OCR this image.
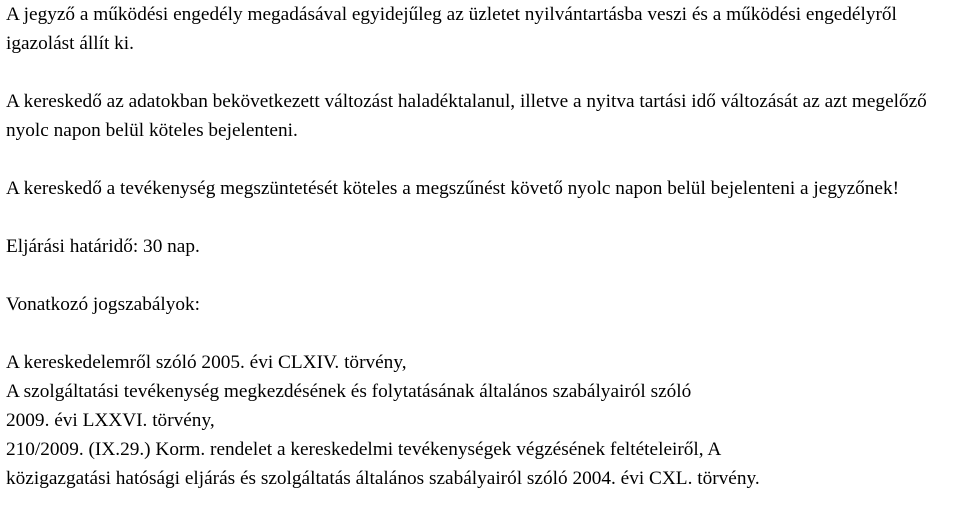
A jegyző a működési engedély megadásával egyidejűleg az üzletet nyilvántartásba veszi és a működési engedélyről igazolást állít ki.

A kereskedő az adatokban bekövetkezett változást haladéktalanul, illetve a nyitva tartási idő változását az azt megelőző nyolc napon belül köteles bejelenteni.

A kereskedő a tevékenység megszüntetését köteles a megszűnést követő nyolc napon belül bejelenteni a jegyzőnek!

Eljárási határidő: 30 nap.

Vonatkozó jogszabályok:

A kereskedelemről szóló 2005. évi CLXIV. törvény,

A szolgáltatási tevékenység megkezdésének és folytatásának általános szabályairól szóló

2009. évi LXXVI. törvény,

210/2009. (IX.29.) Korm. rendelet a kereskedelmi tevékenységek végzésének feltételeiről, A

közigazgatási hatósági eljárás és szolgáltatás általános szabályairól szóló 2004. évi CXL. törvény.
